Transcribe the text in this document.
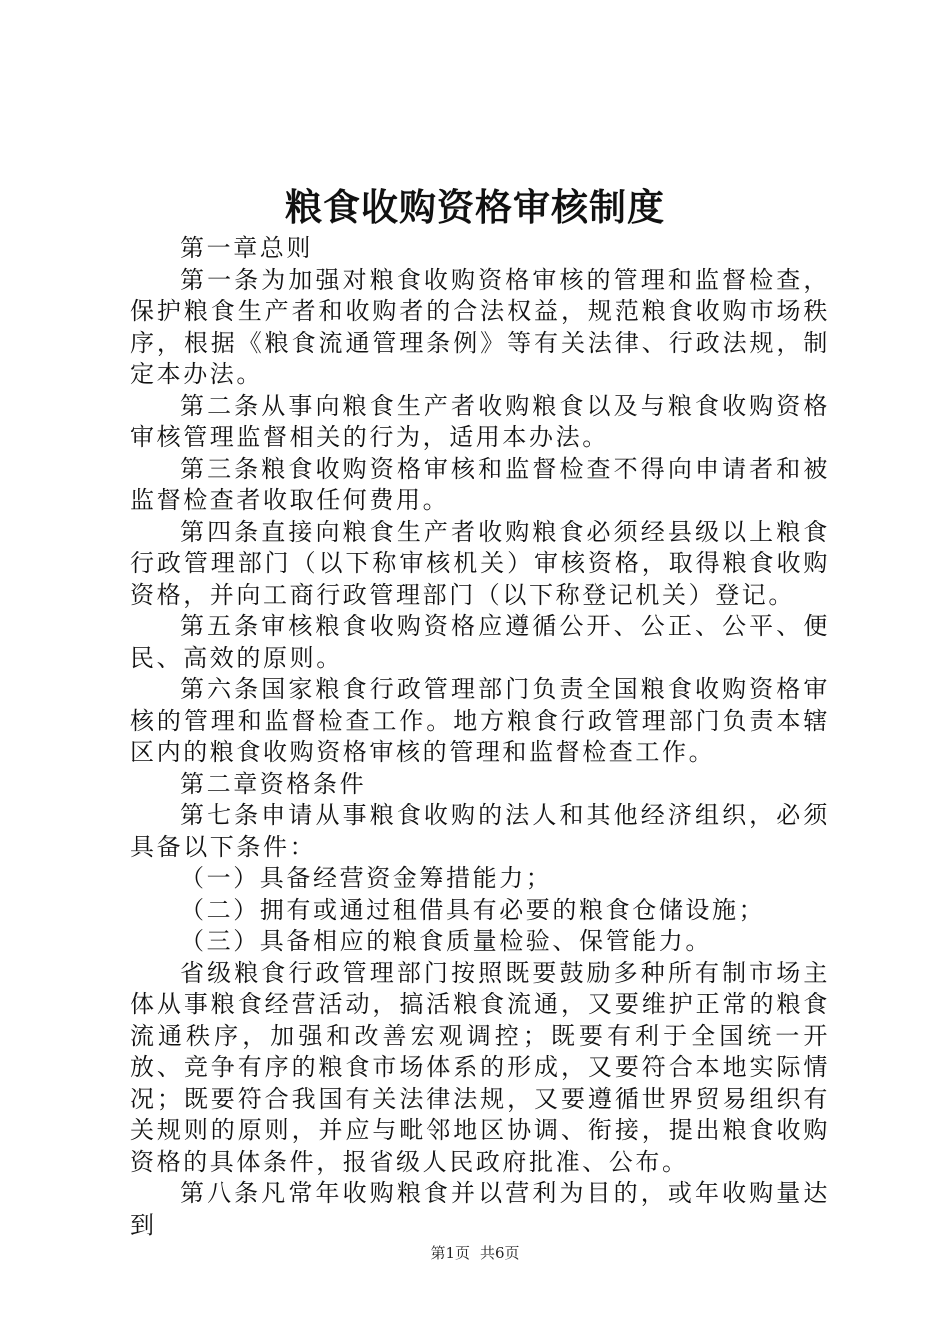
粮食收购资格审核制度

第一章总则

第一条为加强对粮食收购资格审核的管理和监督检查，保护粮食生产者和收购者的合法权益，规范粮食收购市场秩序，根据《粮食流通管理条例》等有关法律、行政法规，制定本办法。

第二条从事向粮食生产者收购粮食以及与粮食收购资格审核管理监督相关的行为，适用本办法。

第三条粮食收购资格审核和监督检查不得向申请者和被监督检查者收取任何费用。

第四条直接向粮食生产者收购粮食必须经县级以上粮食行政管理部门（以下称审核机关）审核资格，取得粮食收购资格，并向工商行政管理部门（以下称登记机关）登记。

第五条审核粮食收购资格应遵循公开、公正、公平、便民、高效的原则。

第六条国家粮食行政管理部门负责全国粮食收购资格审核的管理和监督检查工作。地方粮食行政管理部门负责本辖区内的粮食收购资格审核的管理和监督检查工作。

第二章资格条件

第七条申请从事粮食收购的法人和其他经济组织，必须具备以下条件：

（一）具备经营资金筹措能力；

（二）拥有或通过租借具有必要的粮食仓储设施；

（三）具备相应的粮食质量检验、保管能力。

省级粮食行政管理部门按照既要鼓励多种所有制市场主体从事粮食经营活动，搞活粮食流通，又要维护正常的粮食流通秩序，加强和改善宏观调控；既要有利于全国统一开放、竞争有序的粮食市场体系的形成，又要符合本地实际情况；既要符合我国有关法律法规，又要遵循世界贸易组织有关规则的原则，并应与毗邻地区协调、衔接，提出粮食收购资格的具体条件，报省级人民政府批准、公布。

第八条凡常年收购粮食并以营利为目的，或年收购量达到

第1页 共6页
